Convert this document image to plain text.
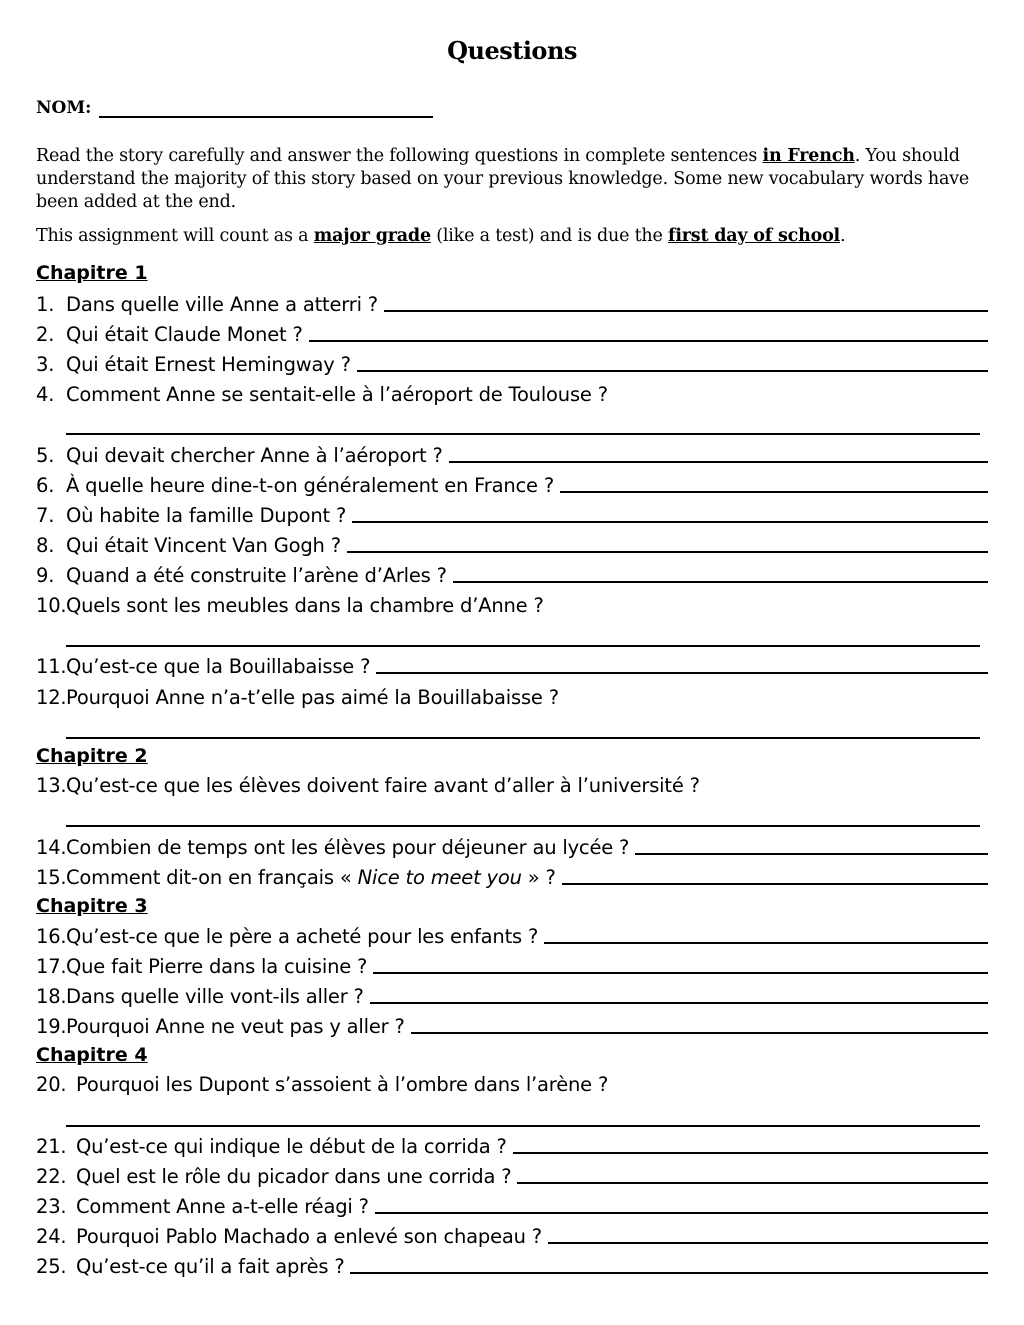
Questions
NOM:
Read the story carefully and answer the following questions in complete sentences in French. You should understand the majority of this story based on your previous knowledge. Some new vocabulary words have been added at the end.
This assignment will count as a major grade (like a test) and is due the first day of school.
Chapitre 1
1. Dans quelle ville Anne a atterri ?
2. Qui était Claude Monet ?
3. Qui était Ernest Hemingway ?
4. Comment Anne se sentait-elle à l’aéroport de Toulouse ?
5. Qui devait chercher Anne à l’aéroport ?
6. À quelle heure dine-t-on généralement en France ?
7. Où habite la famille Dupont ?
8. Qui était Vincent Van Gogh ?
9. Quand a été construite l’arène d’Arles ?
10. Quels sont les meubles dans la chambre d’Anne ?
11. Qu’est-ce que la Bouillabaisse ?
12. Pourquoi Anne n’a-t’elle pas aimé la Bouillabaisse ?
Chapitre 2
13. Qu’est-ce que les élèves doivent faire avant d’aller à l’université ?
14. Combien de temps ont les élèves pour déjeuner au lycée ?
15. Comment dit-on en français « Nice to meet you » ?
Chapitre 3
16. Qu’est-ce que le père a acheté pour les enfants ?
17. Que fait Pierre dans la cuisine ?
18. Dans quelle ville vont-ils aller ?
19. Pourquoi Anne ne veut pas y aller ?
Chapitre 4
20. Pourquoi les Dupont s’assoient à l’ombre dans l’arène ?
21. Qu’est-ce qui indique le début de la corrida ?
22. Quel est le rôle du picador dans une corrida ?
23. Comment Anne a-t-elle réagi ?
24. Pourquoi Pablo Machado a enlevé son chapeau ?
25. Qu’est-ce qu’il a fait après ?
